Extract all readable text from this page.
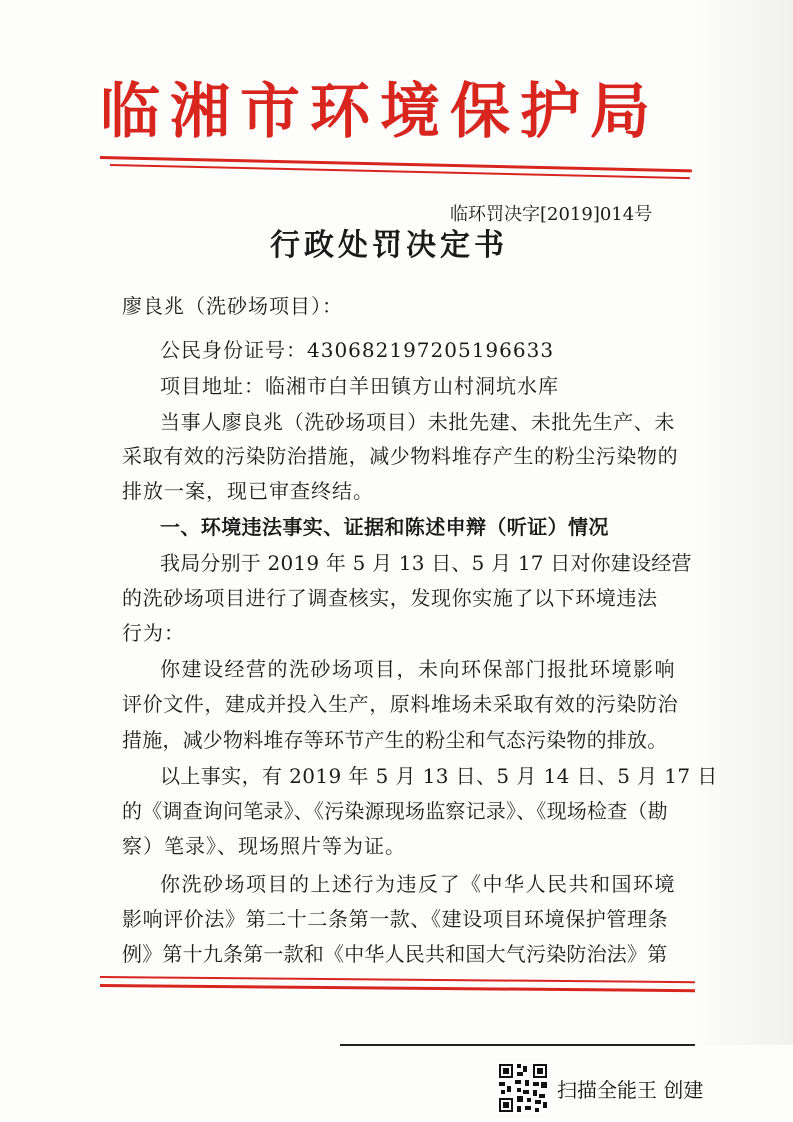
临湘市环境保护局
临环罚决字[2019]014号
行政处罚决定书
廖良兆（洗砂场项目）：
公民身份证号：430682197205196633
项目地址：临湘市白羊田镇方山村洞坑水库
当事人廖良兆（洗砂场项目）未批先建、未批先生产、未
采取有效的污染防治措施，减少物料堆存产生的粉尘污染物的
排放一案，现已审查终结。
一、环境违法事实、证据和陈述申辩（听证）情况
我局分别于 2019 年 5 月 13 日、5 月 17 日对你建设经营
的洗砂场项目进行了调查核实，发现你实施了以下环境违法
行为：
你建设经营的洗砂场项目，未向环保部门报批环境影响
评价文件，建成并投入生产，原料堆场未采取有效的污染防治
措施，减少物料堆存等环节产生的粉尘和气态污染物的排放。
以上事实，有 2019 年 5 月 13 日、5 月 14 日、5 月 17 日
的《调查询问笔录》、《污染源现场监察记录》、《现场检查（勘
察）笔录》、现场照片等为证。
你洗砂场项目的上述行为违反了《中华人民共和国环境
影响评价法》第二十二条第一款、《建设项目环境保护管理条
例》第十九条第一款和《中华人民共和国大气污染防治法》第
扫描全能王 创建
